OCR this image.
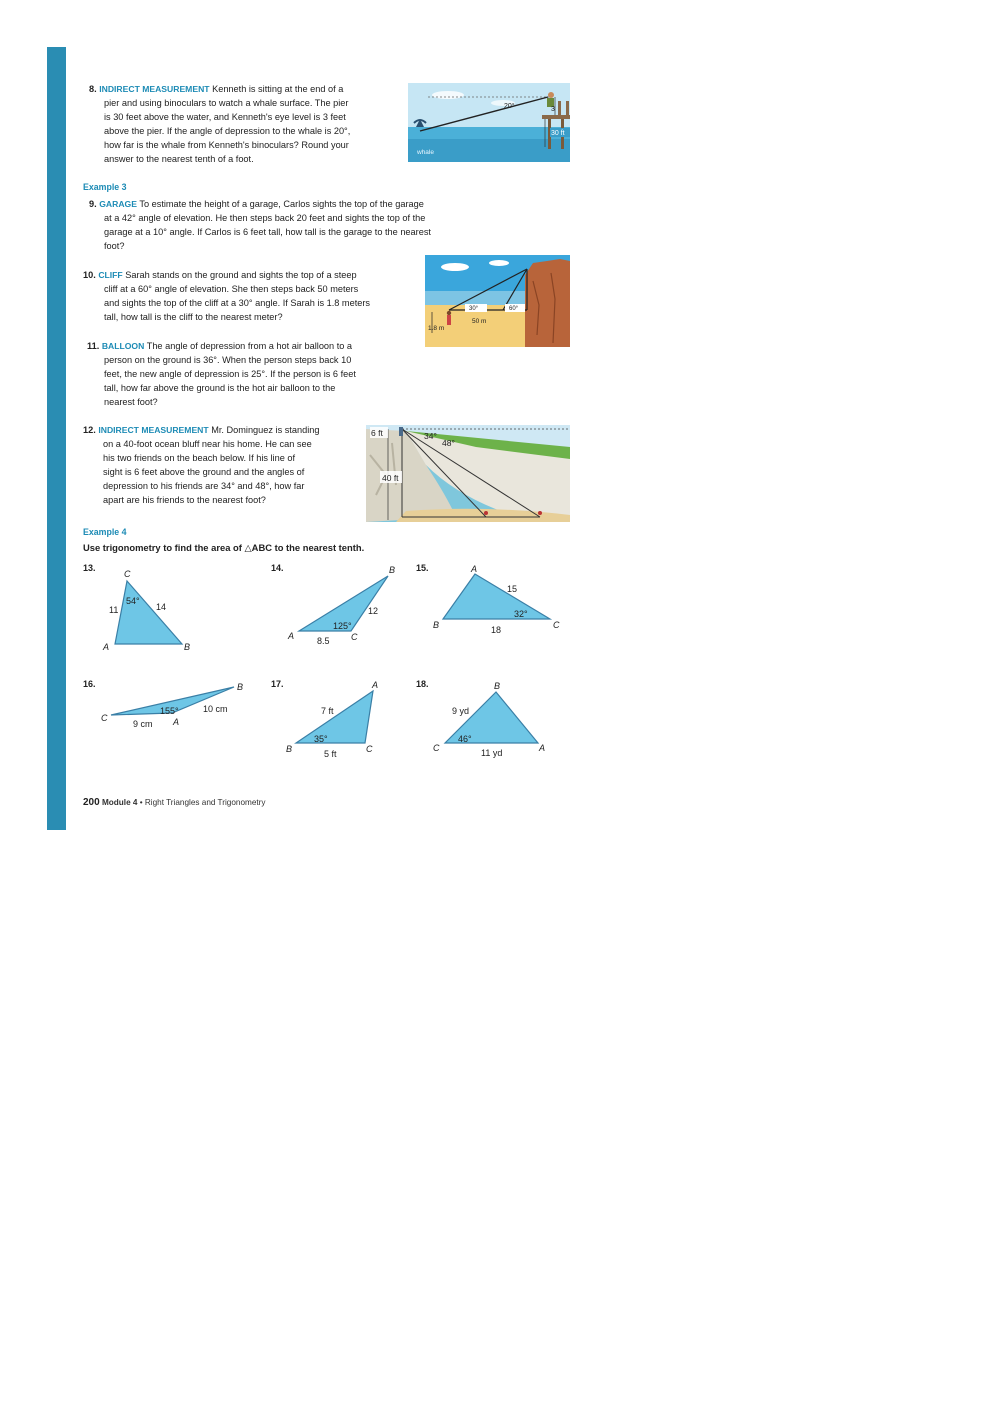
8. INDIRECT MEASUREMENT Kenneth is sitting at the end of a
pier and using binoculars to watch a whale surface. The pier
is 30 feet above the water, and Kenneth's eye level is 3 feet
above the pier. If the angle of depression to the whale is 20°,
how far is the whale from Kenneth's binoculars? Round your
answer to the nearest tenth of a foot.
20°	3
30 ft
whale
Example 3
9. GARAGE To estimate the height of a garage, Carlos sights the top of the garage
at a 42° angle of elevation. He then steps back 20 feet and sights the top of the
garage at a 10° angle. If Carlos is 6 feet tall, how tall is the garage to the nearest
foot?
10. CLIFF Sarah stands on the ground and sights the top of a steep
cliff at a 60° angle of elevation. She then steps back 50 meters
and sights the top of the cliff at a 30° angle. If Sarah is 1.8 meters
tall, how tall is the cliff to the nearest meter?
30°	60°
50 m
1.8 m
11. BALLOON The angle of depression from a hot air balloon to a
person on the ground is 36°. When the person steps back 10
feet, the new angle of depression is 25°. If the person is 6 feet
tall, how far above the ground is the hot air balloon to the
nearest foot?
12. INDIRECT MEASUREMENT Mr. Dominguez is standing
on a 40-foot ocean bluff near his home. He can see
his two friends on the beach below. If his line of
sight is 6 feet above the ground and the angles of
depression to his friends are 34° and 48°, how far
apart are his friends to the nearest foot?
6 ft	34°
48°
40 ft
Example 4
Use trigonometry to find the area of △ABC to the nearest tenth.
13.	14.	15.
16.	17.	18.
C
A	B
54°
11	14
B
A	C
125°
12
8.5
A
B	C
32°
15
18
B
C	A
155°	10 cm
9 cm
A
B	C
35°
7 ft
5 ft
B
C	A
46°
9 yd
11 yd
200 Module 4 • Right Triangles and Trigonometry
